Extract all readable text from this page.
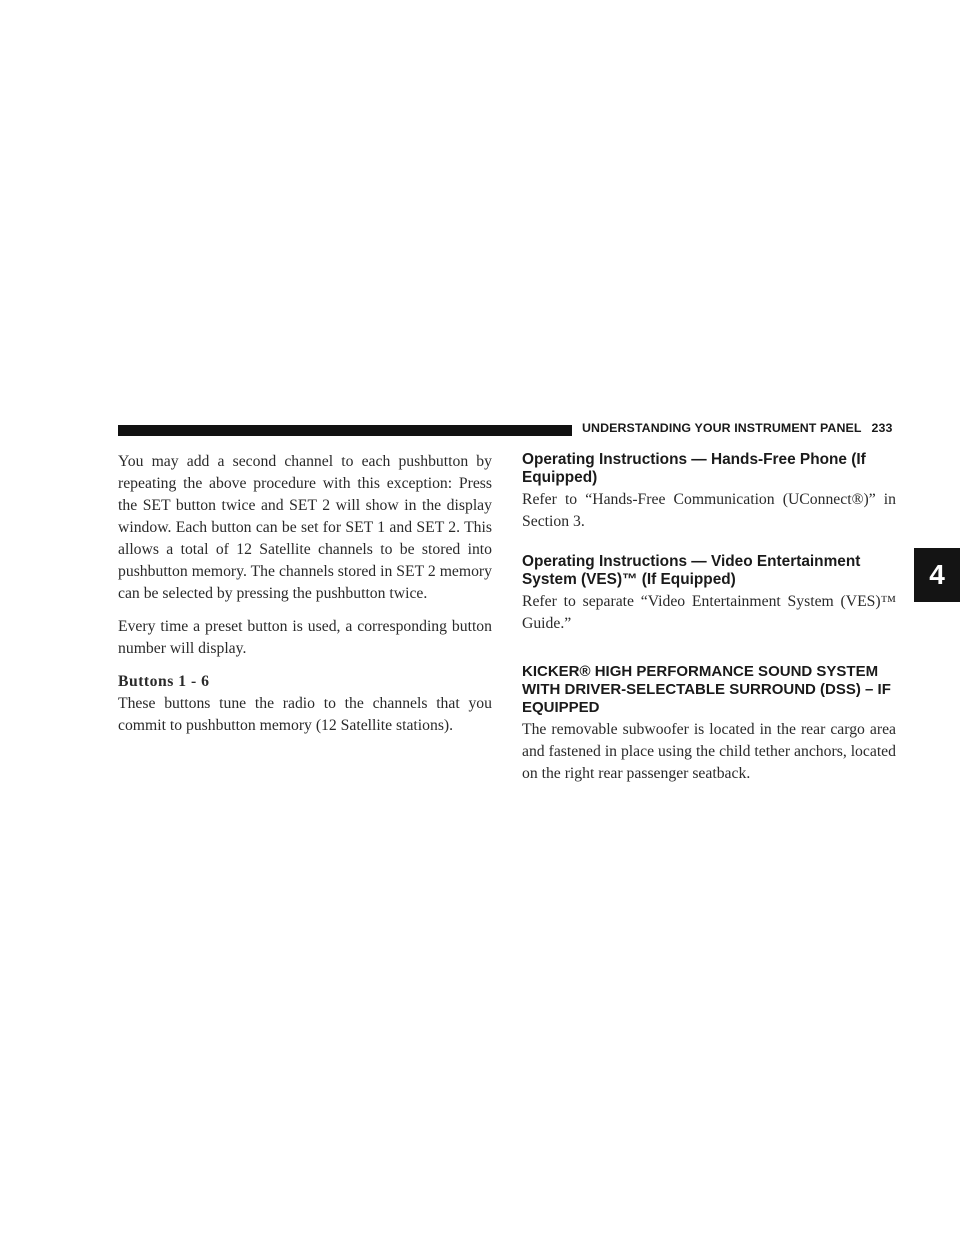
UNDERSTANDING YOUR INSTRUMENT PANEL 233
4

You may add a second channel to each pushbutton by repeating the above procedure with this exception: Press the SET button twice and SET 2 will show in the display window. Each button can be set for SET 1 and SET 2. This allows a total of 12 Satellite channels to be stored into pushbutton memory. The channels stored in SET 2 memory can be selected by pressing the pushbutton twice.

Every time a preset button is used, a corresponding button number will display.

Buttons 1 - 6

These buttons tune the radio to the channels that you commit to pushbutton memory (12 Satellite stations).

Operating Instructions — Hands-Free Phone (If Equipped)

Refer to “Hands-Free Communication (UConnect®)” in Section 3.

Operating Instructions — Video Entertainment System (VES)™ (If Equipped)

Refer to separate “Video Entertainment System (VES)™ Guide.”

KICKER® HIGH PERFORMANCE SOUND SYSTEM WITH DRIVER-SELECTABLE SURROUND (DSS) – IF EQUIPPED

The removable subwoofer is located in the rear cargo area and fastened in place using the child tether anchors, located on the right rear passenger seatback.
